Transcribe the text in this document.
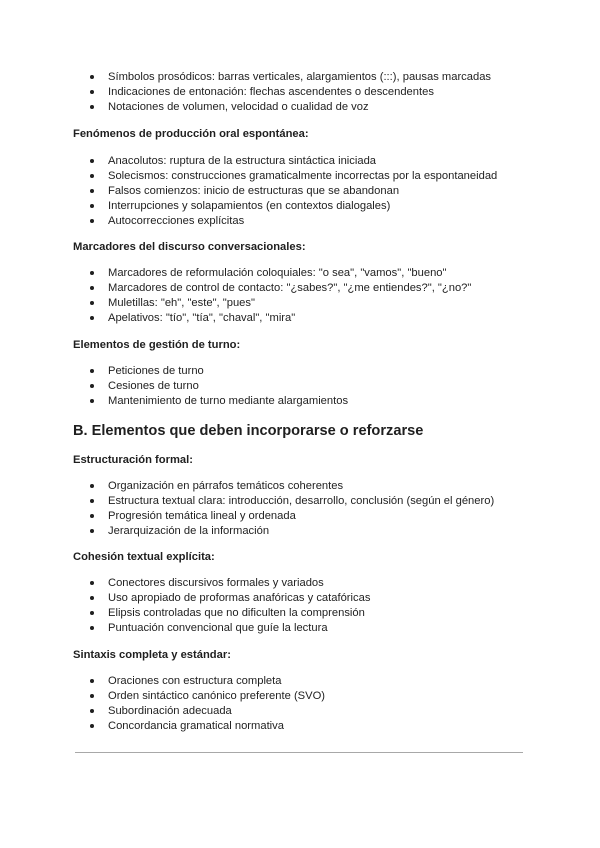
Símbolos prosódicos: barras verticales, alargamientos (:::), pausas marcadas
Indicaciones de entonación: flechas ascendentes o descendentes
Notaciones de volumen, velocidad o cualidad de voz
Fenómenos de producción oral espontánea:
Anacolutos: ruptura de la estructura sintáctica iniciada
Solecismos: construcciones gramaticalmente incorrectas por la espontaneidad
Falsos comienzos: inicio de estructuras que se abandonan
Interrupciones y solapamientos (en contextos dialogales)
Autocorrecciones explícitas
Marcadores del discurso conversacionales:
Marcadores de reformulación coloquiales: "o sea", "vamos", "bueno"
Marcadores de control de contacto: "¿sabes?", "¿me entiendes?", "¿no?"
Muletillas: "eh", "este", "pues"
Apelativos: "tío", "tía", "chaval", "mira"
Elementos de gestión de turno:
Peticiones de turno
Cesiones de turno
Mantenimiento de turno mediante alargamientos
B. Elementos que deben incorporarse o reforzarse
Estructuración formal:
Organización en párrafos temáticos coherentes
Estructura textual clara: introducción, desarrollo, conclusión (según el género)
Progresión temática lineal y ordenada
Jerarquización de la información
Cohesión textual explícita:
Conectores discursivos formales y variados
Uso apropiado de proformas anafóricas y catafóricas
Elipsis controladas que no dificulten la comprensión
Puntuación convencional que guíe la lectura
Sintaxis completa y estándar:
Oraciones con estructura completa
Orden sintáctico canónico preferente (SVO)
Subordinación adecuada
Concordancia gramatical normativa
